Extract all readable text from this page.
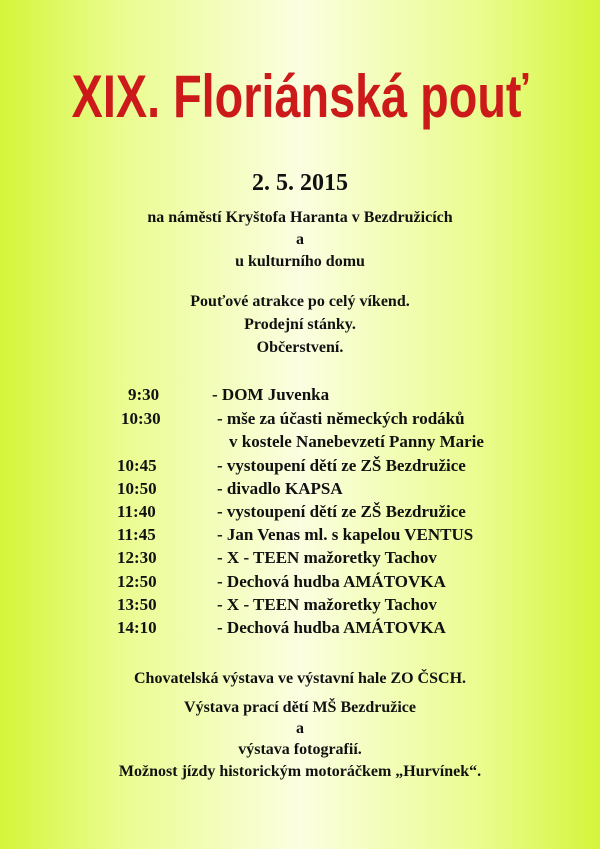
XIX. Floriánská pouť
2. 5. 2015
na náměstí Kryštofa Haranta v Bezdružicích
a
u kulturního domu
Pouťové atrakce po celý víkend.
Prodejní stánky.
Občerstvení.
9:30
10:30
10:45
10:50
11:40
11:45
12:30
12:50
13:50
14:10
- DOM Juvenka
- mše za účasti německých rodáků
v kostele Nanebevzetí Panny Marie
- vystoupení dětí ze ZŠ Bezdružice
- divadlo KAPSA
- vystoupení dětí ze ZŠ Bezdružice
- Jan Venas ml. s kapelou VENTUS
- X - TEEN mažoretky Tachov
- Dechová hudba AMÁTOVKA
- X - TEEN mažoretky Tachov
- Dechová hudba AMÁTOVKA
Chovatelská výstava ve výstavní hale ZO ČSCH.
Výstava prací dětí MŠ Bezdružice
a
výstava fotografií.
Možnost jízdy historickým motoráčkem „Hurvínek“.
